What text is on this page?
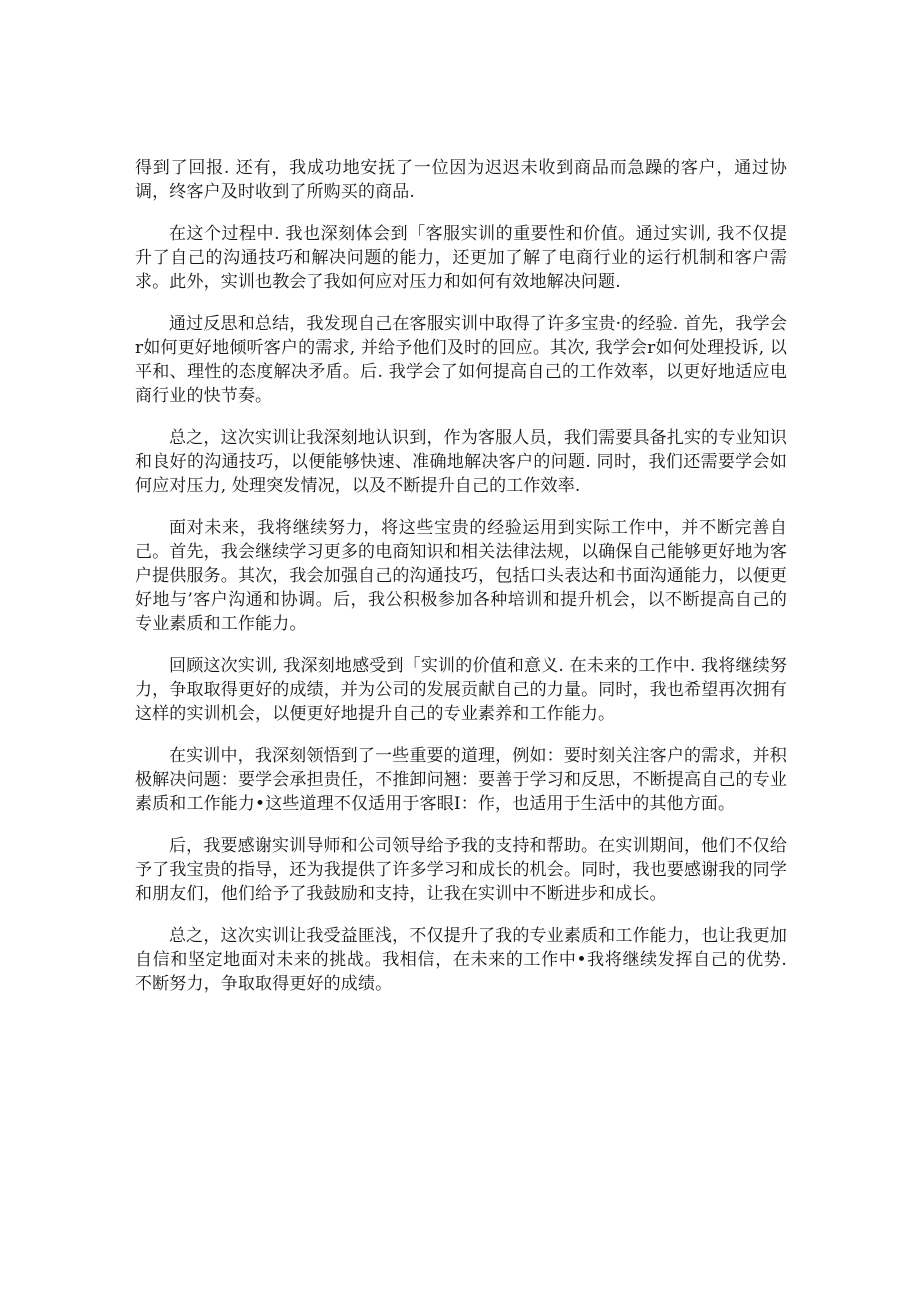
得到了回报. 还有，我成功地安抚了一位因为迟迟未收到商品而急躁的客户，通过协调，终客户及时收到了所购买的商品.

在这个过程中. 我也深刻体会到「客服实训的重要性和价值。通过实训, 我不仅提升了自己的沟通技巧和解决问题的能力，还更加了解了电商行业的运行机制和客户需求。此外，实训也教会了我如何应对压力和如何有效地解决问题.

通过反思和总结，我发现自己在客服实训中取得了许多宝贵·的经验. 首先，我学会r如何更好地倾听客户的需求, 并给予他们及时的回应。其次, 我学会r如何处理投诉, 以平和、理性的态度解决矛盾。后. 我学会了如何提高自己的工作效率，以更好地适应电商行业的快节奏。

总之，这次实训让我深刻地认识到，作为客服人员，我们需要具备扎实的专业知识和良好的沟通技巧，以便能够快速、准确地解决客户的问题. 同时，我们还需要学会如何应对压力, 处理突发情况，以及不断提升自己的工作效率.

面对未来，我将继续努力，将这些宝贵的经验运用到实际工作中，并不断完善自己。首先，我会继续学习更多的电商知识和相关法律法规，以确保自己能够更好地为客户提供服务。其次，我会加强自己的沟通技巧，包括口头表达和书面沟通能力，以便更好地与’客户沟通和协调。后，我公积极参加各种培训和提升机会，以不断提高自己的专业素质和工作能力。

回顾这次实训, 我深刻地感受到「实训的价值和意义. 在未来的工作中. 我将继续努力，争取取得更好的成绩，并为公司的发展贡献自己的力量。同时，我也希望再次拥有这样的实训机会，以便更好地提升自己的专业素养和工作能力。

在实训中，我深刻领悟到了一些重要的道理，例如：要时刻关注客户的需求，并积极解决问题：要学会承担贵任，不推卸问翘：要善于学习和反思，不断提高自己的专业素质和工作能力•这些道理不仅适用于客眼I：作，也适用于生活中的其他方面。

后，我要感谢实训导师和公司领导给予我的支持和帮助。在实训期间，他们不仅给予了我宝贵的指导，还为我提供了许多学习和成长的机会。同时，我也要感谢我的同学和朋友们，他们给予了我鼓励和支持，让我在实训中不断进步和成长。

总之，这次实训让我受益匪浅，不仅提升了我的专业素质和工作能力，也让我更加自信和坚定地面对未来的挑战。我相信，在未来的工作中•我将继续发挥自己的优势. 不断努力，争取取得更好的成绩。
